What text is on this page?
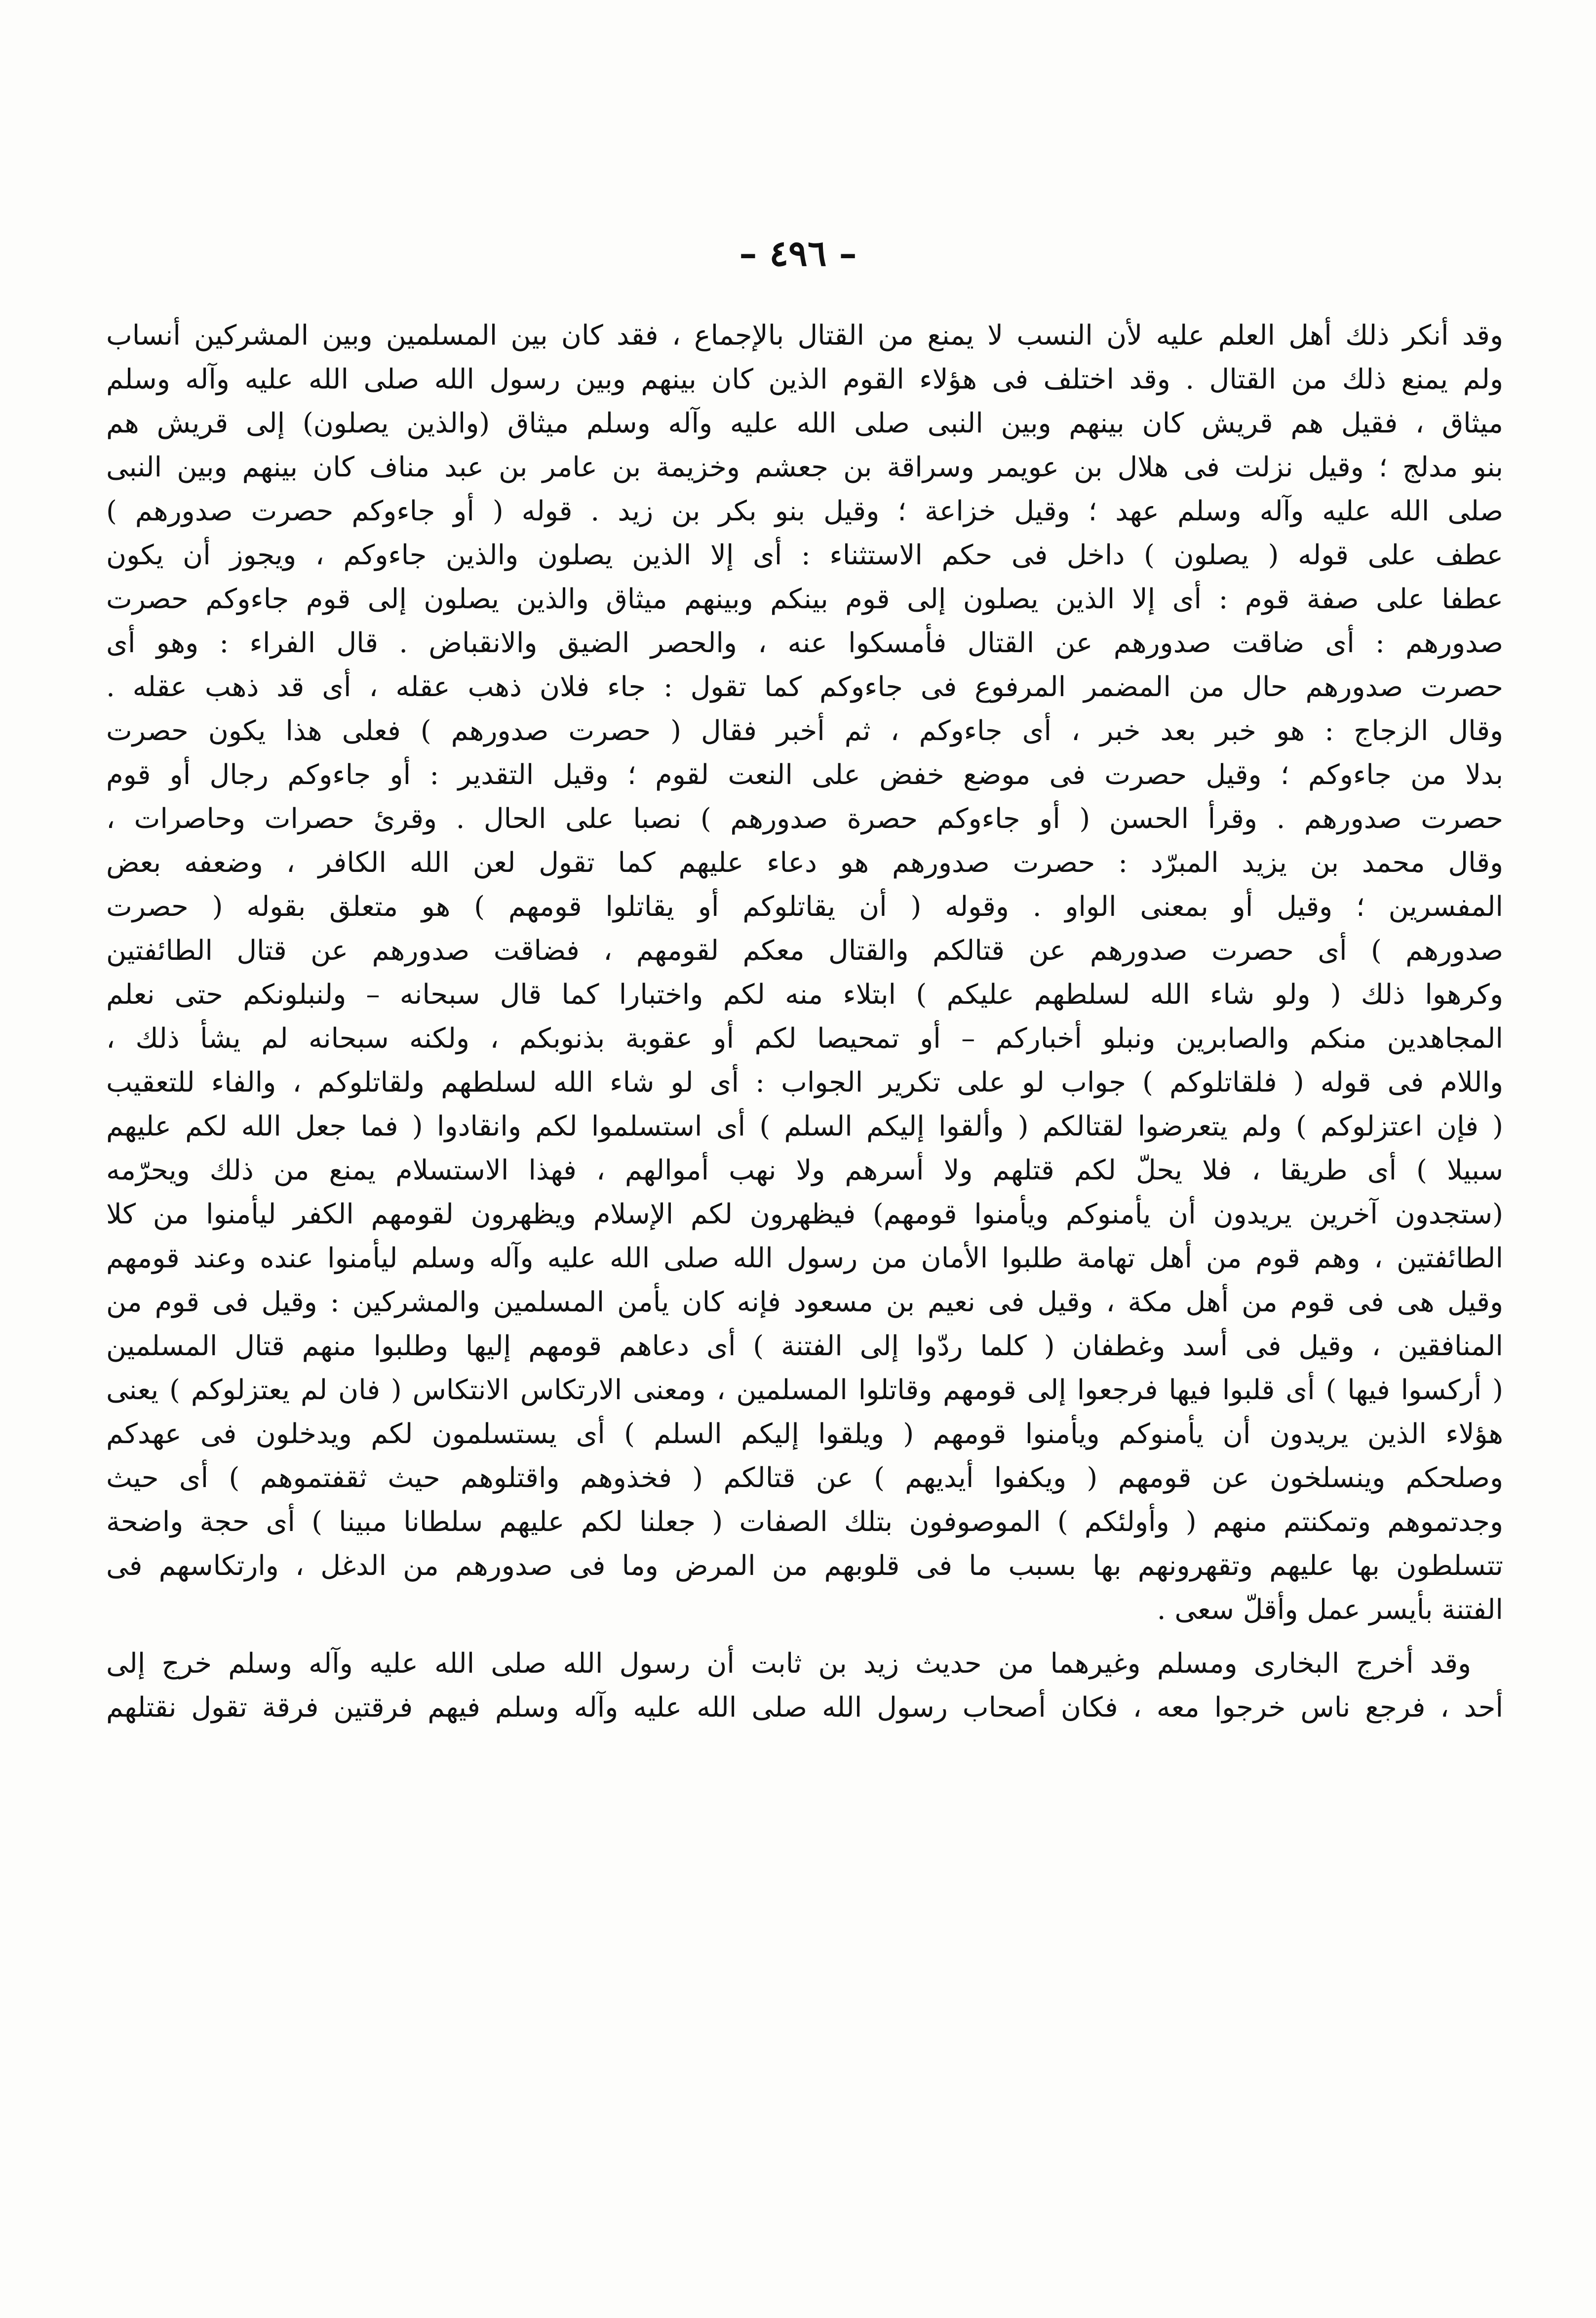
– ٤٩٦ –
وقد أنكر ذلك أهل العلم عليه لأن النسب لا يمنع من القتال بالإجماع ، فقد كان بين المسلمين وبين المشركين أنساب
ولم يمنع ذلك من القتال . وقد اختلف فى هؤلاء القوم الذين كان بينهم وبين رسول الله صلى الله عليه وآله وسلم
ميثاق ، فقيل هم قريش كان بينهم وبين النبى صلى الله عليه وآله وسلم ميثاق (والذين يصلون) إلى قريش هم
بنو مدلج ؛ وقيل نزلت فى هلال بن عويمر وسراقة بن جعشم وخزيمة بن عامر بن عبد مناف كان بينهم وبين النبى
صلى الله عليه وآله وسلم عهد ؛ وقيل خزاعة ؛ وقيل بنو بكر بن زيد . قوله ( أو جاءوكم حصرت صدورهم )
عطف على قوله ( يصلون ) داخل فى حكم الاستثناء : أى إلا الذين يصلون والذين جاءوكم ، ويجوز أن يكون
عطفا على صفة قوم : أى إلا الذين يصلون إلى قوم بينكم وبينهم ميثاق والذين يصلون إلى قوم جاءوكم حصرت
صدورهم : أى ضاقت صدورهم عن القتال فأمسكوا عنه ، والحصر الضيق والانقباض . قال الفراء : وهو أى
حصرت صدورهم حال من المضمر المرفوع فى جاءوكم كما تقول : جاء فلان ذهب عقله ، أى قد ذهب عقله .
وقال الزجاج : هو خبر بعد خبر ، أى جاءوكم ، ثم أخبر فقال ( حصرت صدورهم ) فعلى هذا يكون حصرت
بدلا من جاءوكم ؛ وقيل حصرت فى موضع خفض على النعت لقوم ؛ وقيل التقدير : أو جاءوكم رجال أو قوم
حصرت صدورهم . وقرأ الحسن ( أو جاءوكم حصرة صدورهم ) نصبا على الحال . وقرئ حصرات وحاصرات ،
وقال محمد بن يزيد المبرّد : حصرت صدورهم هو دعاء عليهم كما تقول لعن الله الكافر ، وضعفه بعض
المفسرين ؛ وقيل أو بمعنى الواو . وقوله ( أن يقاتلوكم أو يقاتلوا قومهم ) هو متعلق بقوله ( حصرت
صدورهم ) أى حصرت صدورهم عن قتالكم والقتال معكم لقومهم ، فضاقت صدورهم عن قتال الطائفتين
وكرهوا ذلك ( ولو شاء الله لسلطهم عليكم ) ابتلاء منه لكم واختبارا كما قال سبحانه – ولنبلونكم حتى نعلم
المجاهدين منكم والصابرين ونبلو أخباركم – أو تمحيصا لكم أو عقوبة بذنوبكم ، ولكنه سبحانه لم يشأ ذلك ،
واللام فى قوله ( فلقاتلوكم ) جواب لو على تكرير الجواب : أى لو شاء الله لسلطهم ولقاتلوكم ، والفاء للتعقيب
( فإن اعتزلوكم ) ولم يتعرضوا لقتالكم ( وألقوا إليكم السلم ) أى استسلموا لكم وانقادوا ( فما جعل الله لكم عليهم
سبيلا ) أى طريقا ، فلا يحلّ لكم قتلهم ولا أسرهم ولا نهب أموالهم ، فهذا الاستسلام يمنع من ذلك ويحرّمه
(ستجدون آخرين يريدون أن يأمنوكم ويأمنوا قومهم) فيظهرون لكم الإسلام ويظهرون لقومهم الكفر ليأمنوا من كلا
الطائفتين ، وهم قوم من أهل تهامة طلبوا الأمان من رسول الله صلى الله عليه وآله وسلم ليأمنوا عنده وعند قومهم
وقيل هى فى قوم من أهل مكة ، وقيل فى نعيم بن مسعود فإنه كان يأمن المسلمين والمشركين : وقيل فى قوم من
المنافقين ، وقيل فى أسد وغطفان ( كلما ردّوا إلى الفتنة ) أى دعاهم قومهم إليها وطلبوا منهم قتال المسلمين
( أركسوا فيها ) أى قلبوا فيها فرجعوا إلى قومهم وقاتلوا المسلمين ، ومعنى الارتكاس الانتكاس ( فان لم يعتزلوكم ) يعنى
هؤلاء الذين يريدون أن يأمنوكم ويأمنوا قومهم ( ويلقوا إليكم السلم ) أى يستسلمون لكم ويدخلون فى عهدكم
وصلحكم وينسلخون عن قومهم ( ويكفوا أيديهم ) عن قتالكم ( فخذوهم واقتلوهم حيث ثقفتموهم ) أى حيث
وجدتموهم وتمكنتم منهم ( وأولئكم ) الموصوفون بتلك الصفات ( جعلنا لكم عليهم سلطانا مبينا ) أى حجة واضحة
تتسلطون بها عليهم وتقهرونهم بها بسبب ما فى قلوبهم من المرض وما فى صدورهم من الدغل ، وارتكاسهم فى
الفتنة بأيسر عمل وأقلّ سعى .
وقد أخرج البخارى ومسلم وغيرهما من حديث زيد بن ثابت أن رسول الله صلى الله عليه وآله وسلم خرج إلى
أحد ، فرجع ناس خرجوا معه ، فكان أصحاب رسول الله صلى الله عليه وآله وسلم فيهم فرقتين فرقة تقول نقتلهم
